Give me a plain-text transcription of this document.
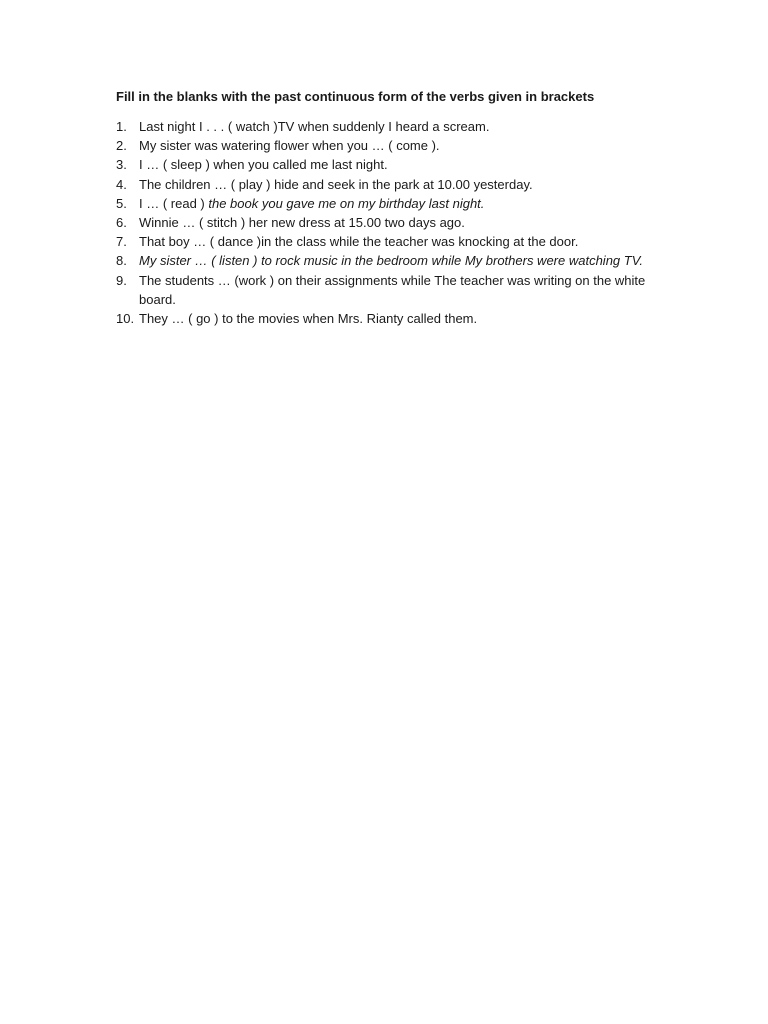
Fill in the blanks with the past continuous form of the verbs given in brackets
1. Last night I . . . ( watch )TV when suddenly I heard a scream.
2. My sister was watering flower when you … ( come ).
3. I … ( sleep ) when you called me last night.
4. The children … ( play ) hide and seek in the park at 10.00 yesterday.
5. I … ( read ) the book you gave me on my birthday last night.
6. Winnie … ( stitch ) her new dress at 15.00 two days ago.
7. That boy … ( dance )in the class while the teacher was knocking at the door.
8. My sister … ( listen ) to rock music in the bedroom while My brothers were watching TV.
9. The students … (work ) on their assignments while The teacher was writing on the white board.
10. They … ( go ) to the movies when Mrs. Rianty called them.
